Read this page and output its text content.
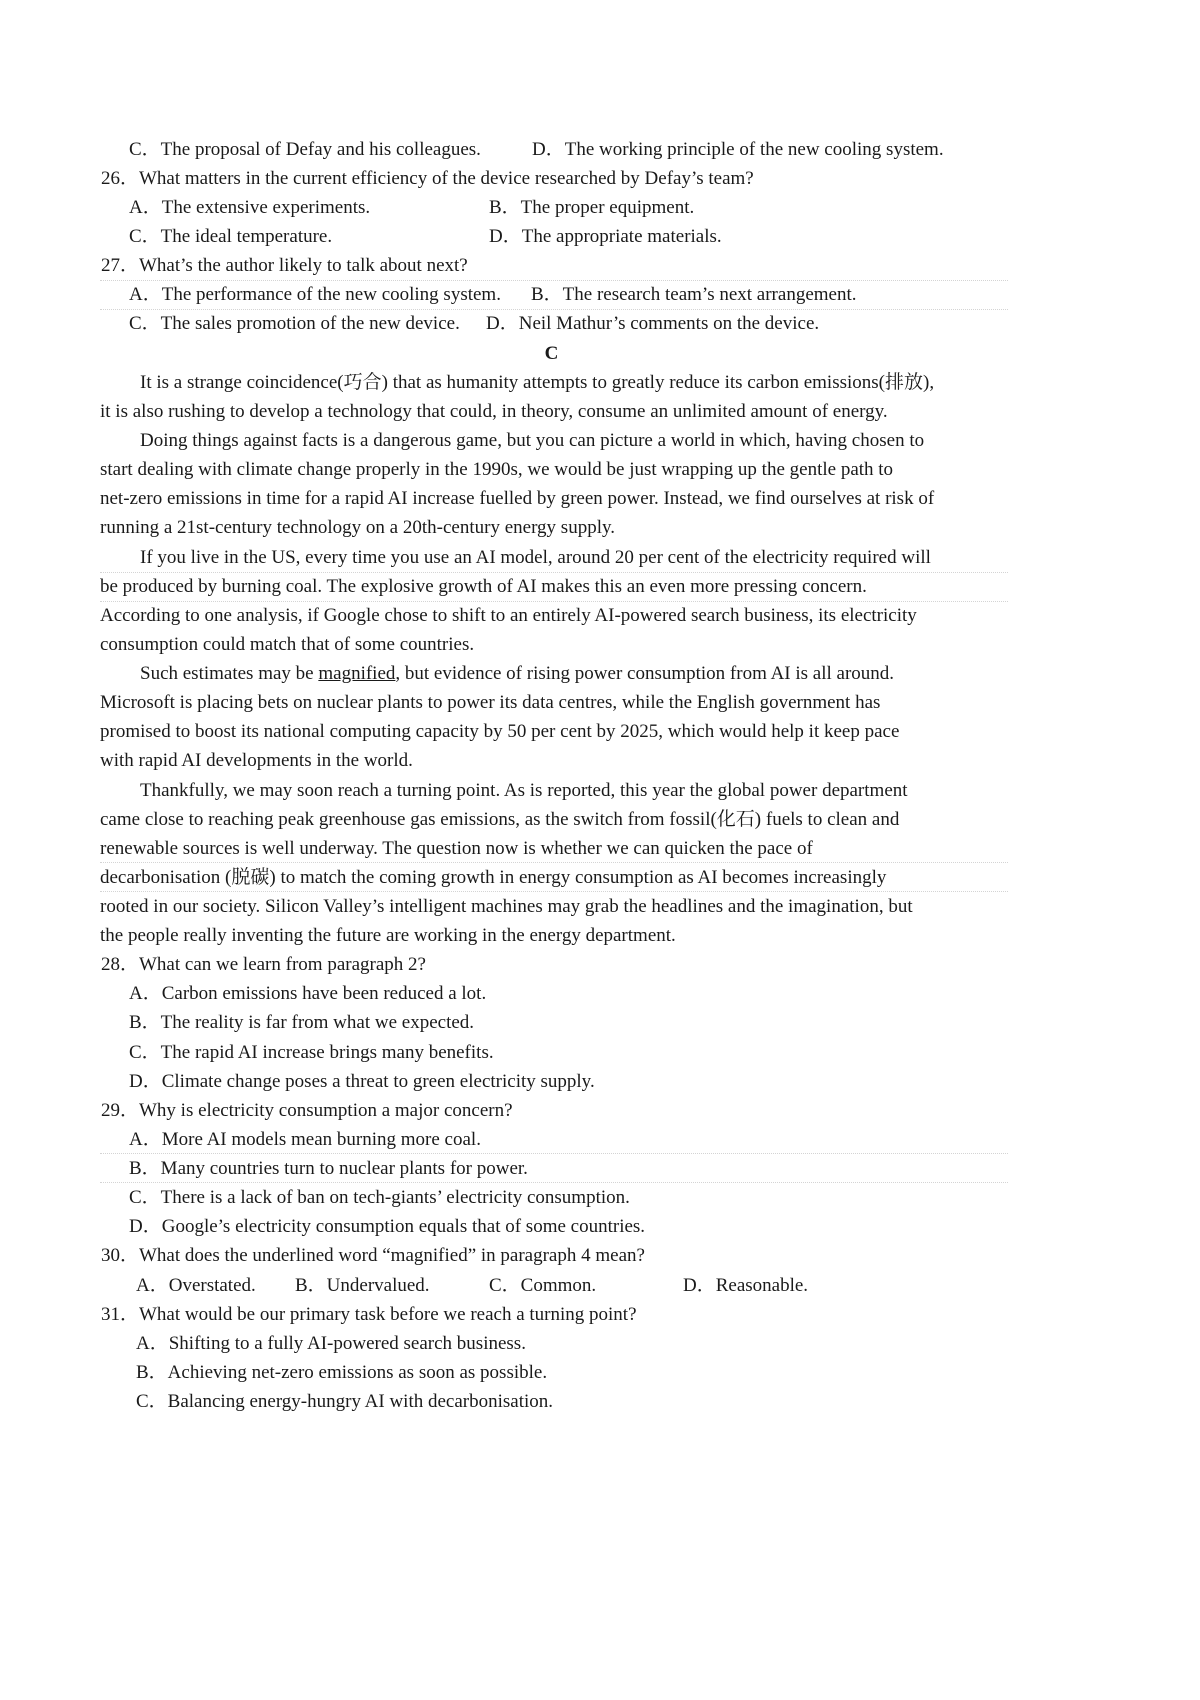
C．The proposal of Defay and his colleagues.	D．The working principle of the new cooling system.
26．What matters in the current efficiency of the device researched by Defay’s team?
A．The extensive experiments.	B．The proper equipment.
C．The ideal temperature.	D．The appropriate materials.
27．What’s the author likely to talk about next?
A．The performance of the new cooling system. B．The research team’s next arrangement.
C．The sales promotion of the new device. D．Neil Mathur’s comments on the device.
C
It is a strange coincidence(巧合) that as humanity attempts to greatly reduce its carbon emissions(排放),
it is also rushing to develop a technology that could, in theory, consume an unlimited amount of energy.
Doing things against facts is a dangerous game, but you can picture a world in which, having chosen to
start dealing with climate change properly in the 1990s, we would be just wrapping up the gentle path to
net-zero emissions in time for a rapid AI increase fuelled by green power. Instead, we find ourselves at risk of
running a 21st-century technology on a 20th-century energy supply.
If you live in the US, every time you use an AI model, around 20 per cent of the electricity required will
be produced by burning coal. The explosive growth of AI makes this an even more pressing concern.
According to one analysis, if Google chose to shift to an entirely AI-powered search business, its electricity
consumption could match that of some countries.
Such estimates may be magnified, but evidence of rising power consumption from AI is all around.
Microsoft is placing bets on nuclear plants to power its data centres, while the English government has
promised to boost its national computing capacity by 50 per cent by 2025, which would help it keep pace
with rapid AI developments in the world.
Thankfully, we may soon reach a turning point. As is reported, this year the global power department
came close to reaching peak greenhouse gas emissions, as the switch from fossil(化石) fuels to clean and
renewable sources is well underway. The question now is whether we can quicken the pace of
decarbonisation (脱碳) to match the coming growth in energy consumption as AI becomes increasingly
rooted in our society. Silicon Valley’s intelligent machines may grab the headlines and the imagination, but
the people really inventing the future are working in the energy department.
28．What can we learn from paragraph 2?
A．Carbon emissions have been reduced a lot.
B．The reality is far from what we expected.
C．The rapid AI increase brings many benefits.
D．Climate change poses a threat to green electricity supply.
29．Why is electricity consumption a major concern?
A．More AI models mean burning more coal.
B．Many countries turn to nuclear plants for power.
C．There is a lack of ban on tech-giants’ electricity consumption.
D．Google’s electricity consumption equals that of some countries.
30．What does the underlined word “magnified” in paragraph 4 mean?
A．Overstated. B．Undervalued.	C．Common.	D．Reasonable.
31．What would be our primary task before we reach a turning point?
A．Shifting to a fully AI-powered search business.
B．Achieving net-zero emissions as soon as possible.
C．Balancing energy-hungry AI with decarbonisation.
